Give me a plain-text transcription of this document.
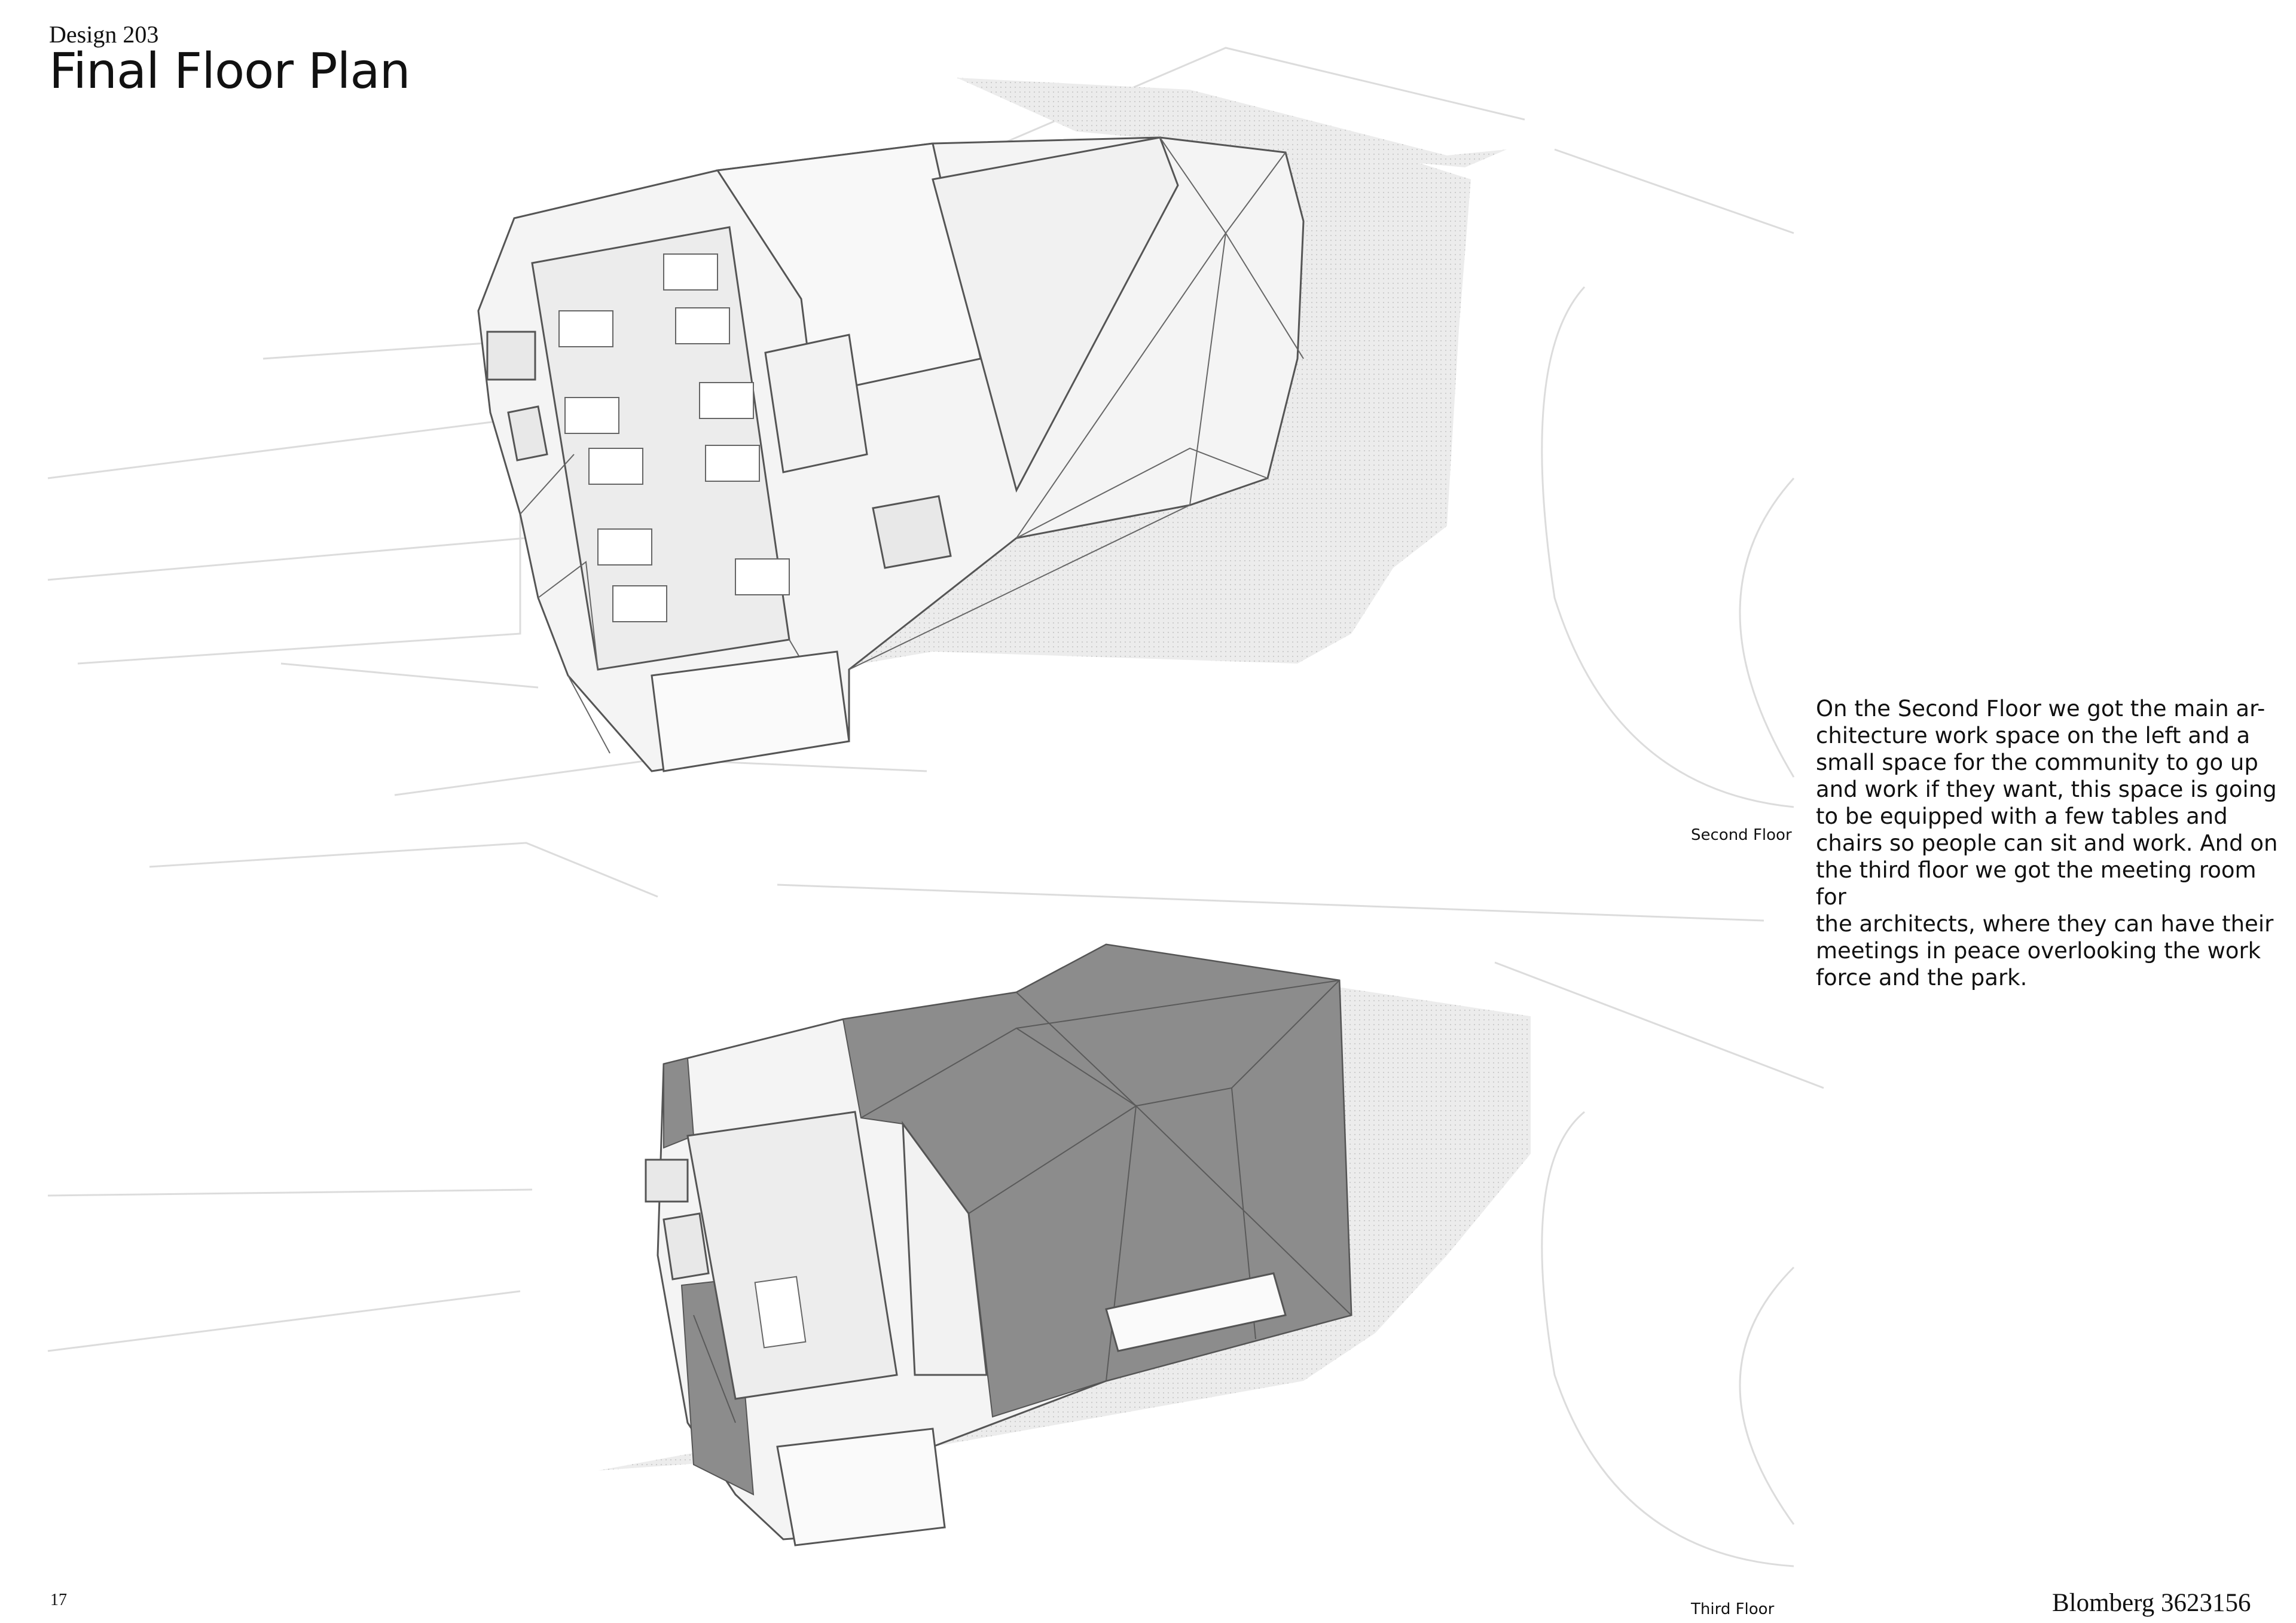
Design 203
Final Floor Plan

On the Second Floor we got the main ar-

chitecture work space on the left and a

small space for the community to go up

and work if they want, this space is going

to be equipped with a few tables and

chairs so people can sit and work. And on

the third floor we got the meeting room for

the architects, where they can have their

meetings in peace overlooking the work

force and the park.

Second Floor
Third Floor
17	Blomberg 3623156
